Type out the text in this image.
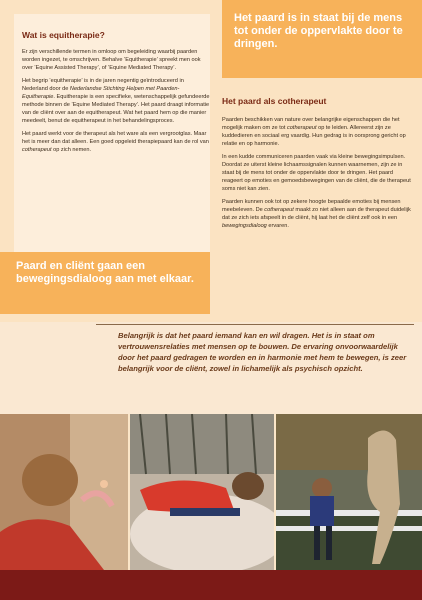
Wat is equitherapie?

Er zijn verschillende termen in omloop om begeleiding waarbij paarden worden ingezet, te omschrijven. Behalve ‘Equitherapie’ spreekt men ook over ‘Equine Assisted Therapy’, of ‘Equine Mediated Therapy’.

Het begrip ‘equitherapie’ is in de jaren negentig geïntroduceerd in Nederland door de Nederlandse Stichting Helpen met Paarden-Equitherapie. Equitherapie is een specifieke, wetenschappelijk gefundeerde methode binnen de ‘Equine Mediated Therapy’. Het paard draagt informatie van de cliënt over aan de equitherapeut. Wat het paard hem op die manier meedeelt, benut de equitherapeut in het behandelingsproces.

Het paard werkt voor de therapeut als het ware als een vergrootglas. Maar het is meer dan dat alleen. Een goed opgeleid therapiepaard kan de rol van cotherapeut op zich nemen.

Het paard is in staat bij de mens tot onder de oppervlakte door te dringen.
Het paard als cotherapeut

Paarden beschikken van nature over belangrijke eigenschappen die het mogelijk maken om ze tot cotherapeut op te leiden. Allereerst zijn ze kuddedieren en sociaal erg vaardig. Hun gedrag is in oorsprong gericht op relatie en op harmonie.

In een kudde communiceren paarden vaak via kleine bewegingsimpulsen. Doordat ze uiterst kleine lichaamssignalen kunnen waarnemen, zijn ze in staat bij de mens tot onder de oppervlakte door te dringen. Het paard reageert op emoties en gemoedsbewegingen van de cliënt, die de therapeut soms niet kan zien.

Paarden kunnen ook tot op zekere hoogte bepaalde emoties bij mensen meebeleven. De cotherapeut maakt zo niet alleen aan de therapeut duidelijk dat ze zich iets afspeelt in de cliënt, hij laat het de cliënt zelf ook in een bewegingsdialoog ervaren.

Paard en cliënt gaan een bewegingsdialoog aan met elkaar.
Belangrijk is dat het paard iemand kan en wil dragen. Het is in staat om vertrouwensrelaties met mensen op te bouwen. De ervaring onvoorwaardelijk door het paard gedragen te worden en in harmonie met hem te bewegen, is zeer belangrijk voor de cliënt, zowel in lichamelijk als psychisch opzicht.
